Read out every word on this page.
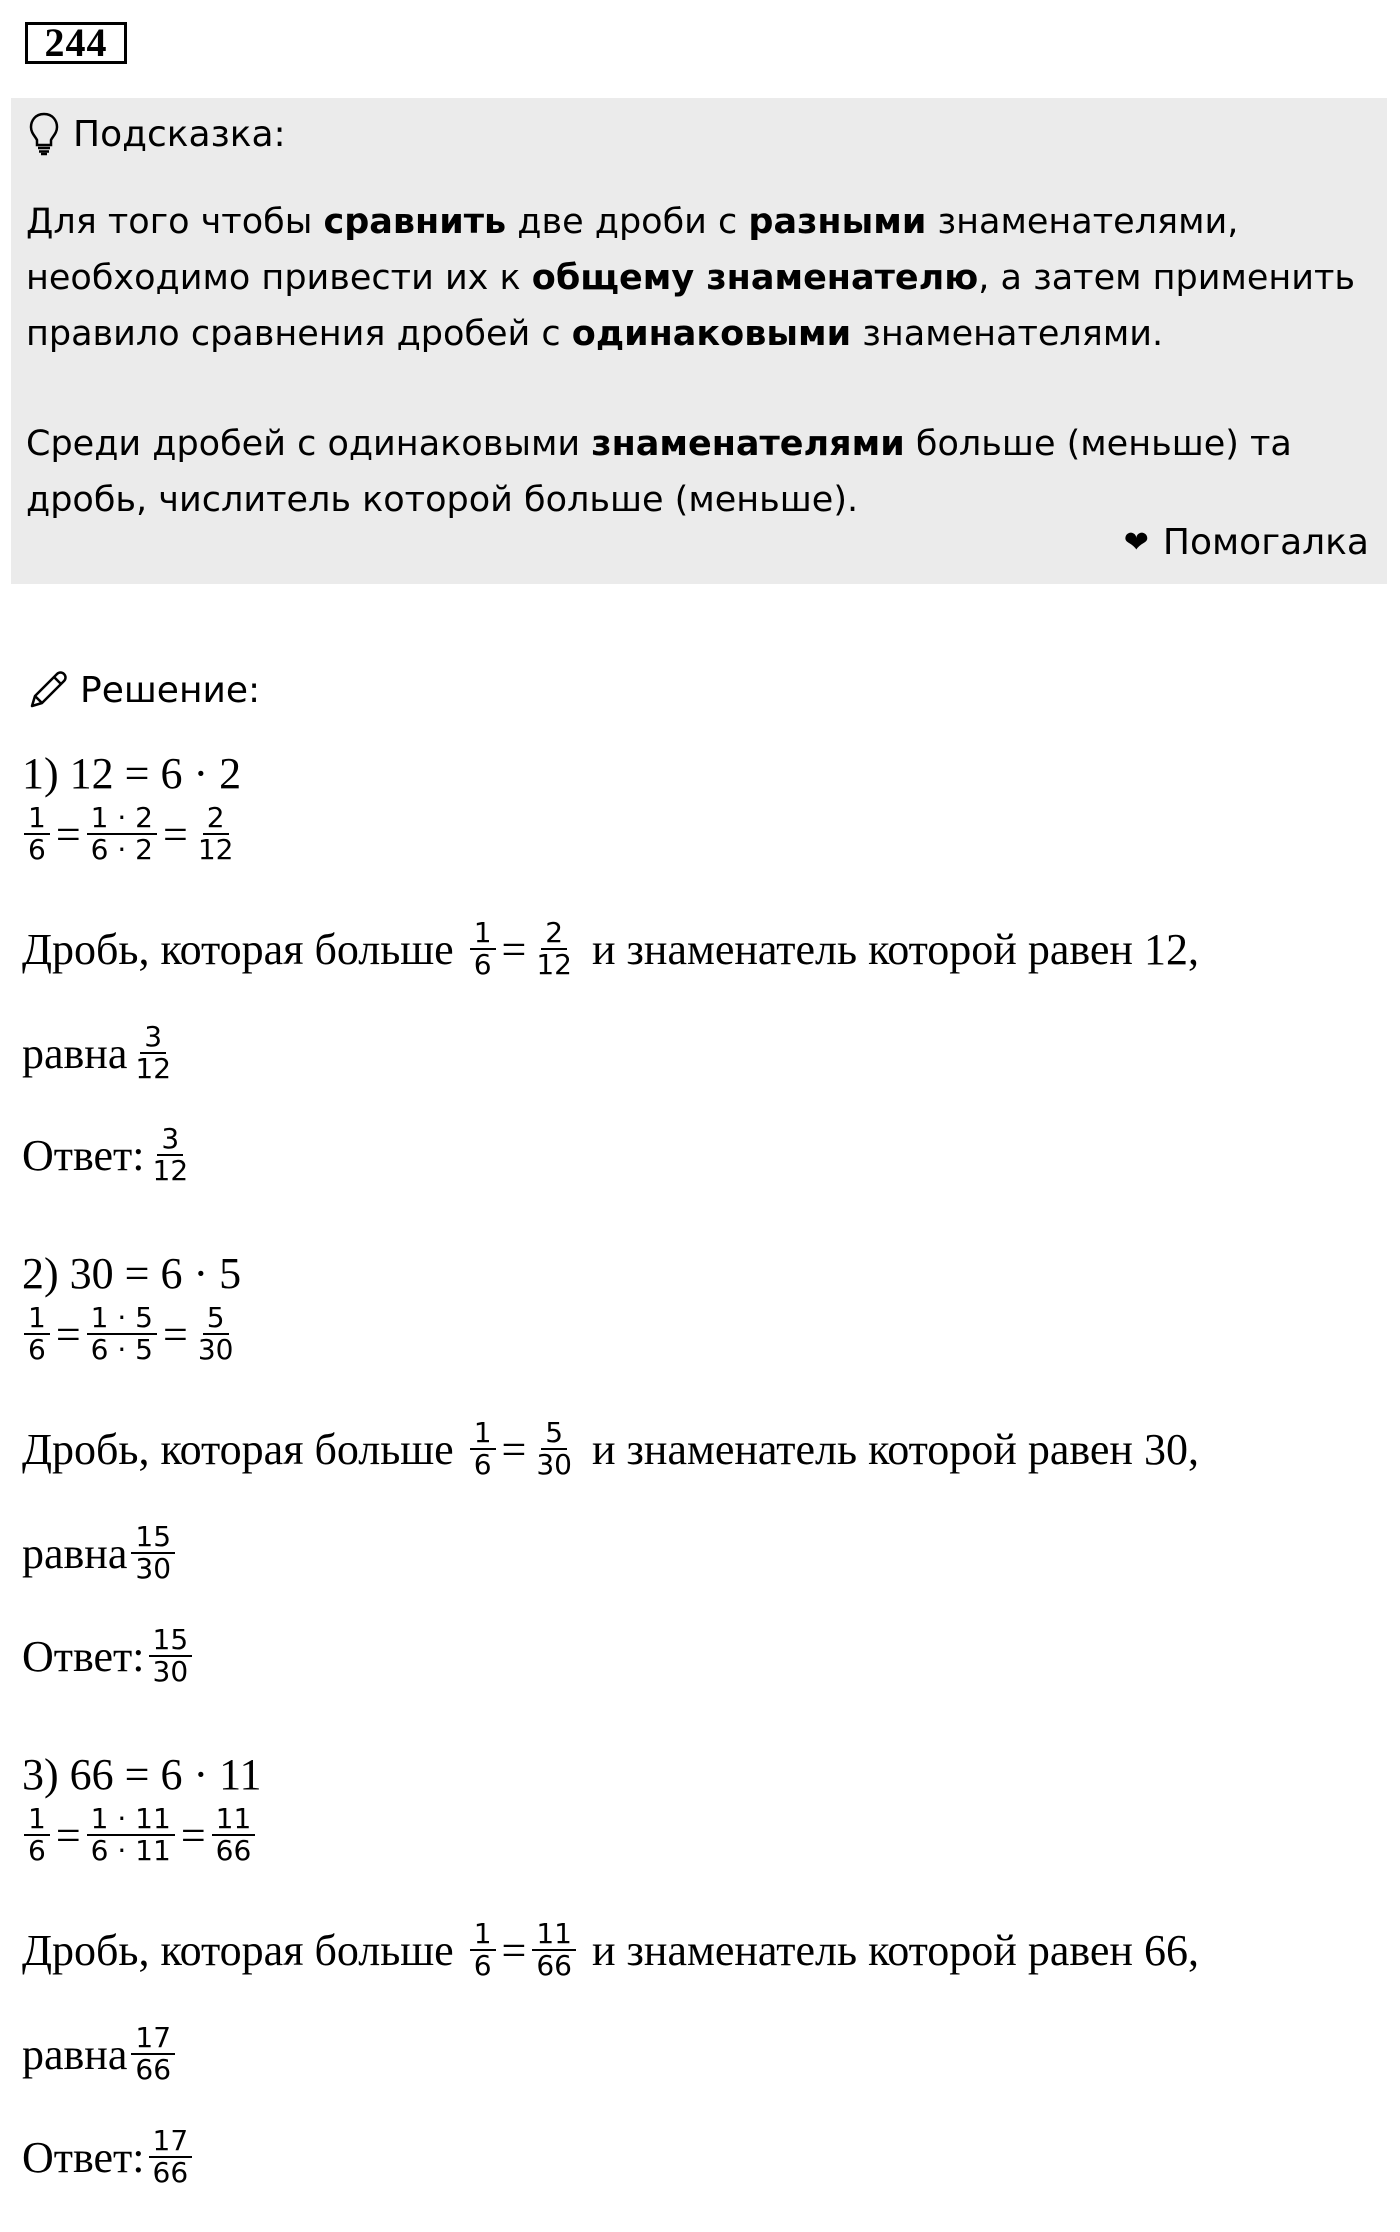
244
Подсказка:
Для того чтобы сравнить две дроби с разными знаменателями, необходимо привести их к общему знаменателю, а затем применить правило сравнения дробей с одинаковыми знаменателями.
Среди дробей с одинаковыми знаменателями больше (меньше) та дробь, числитель которой больше (меньше).
❤ Помогалка
Решение:
1) 12 = 6 · 2
$\frac{1}{6} = \frac{1 \cdot 2}{6 \cdot 2} = \frac{2}{12}$
Дробь, которая больше $\frac{1}{6} = \frac{2}{12}$ и знаменатель которой равен 12,
равна $\frac{3}{12}$
Ответ: $\frac{3}{12}$
2) 30 = 6 · 5
$\frac{1}{6} = \frac{1 \cdot 5}{6 \cdot 5} = \frac{5}{30}$
Дробь, которая больше $\frac{1}{6} = \frac{5}{30}$ и знаменатель которой равен 30,
равна $\frac{15}{30}$
Ответ: $\frac{15}{30}$
3) 66 = 6 · 11
$\frac{1}{6} = \frac{1 \cdot 11}{6 \cdot 11} = \frac{11}{66}$
Дробь, которая больше $\frac{1}{6} = \frac{11}{66}$ и знаменатель которой равен 66,
равна $\frac{17}{66}$
Ответ: $\frac{17}{66}$
